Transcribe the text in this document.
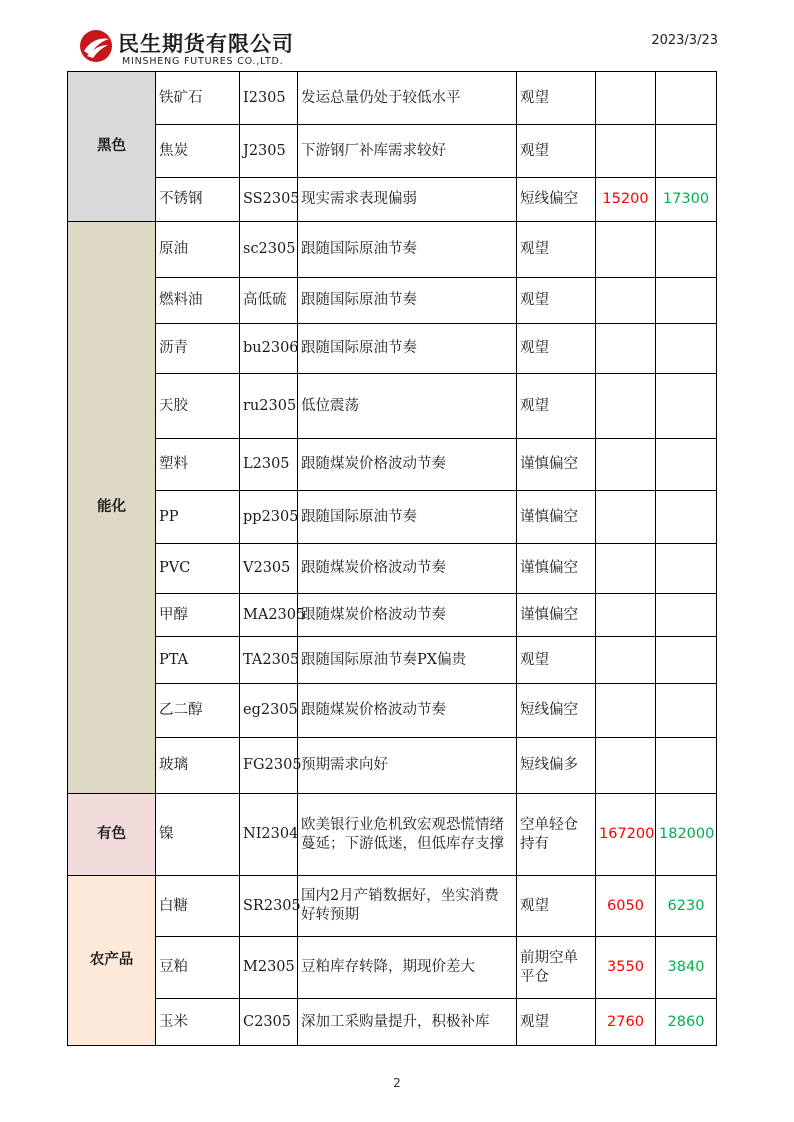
民生期货有限公司
MINSHENG FUTURES CO.,LTD.
2023/3/23
黑色	铁矿石	I2305	发运总量仍处于较低水平	观望		
	焦炭	J2305	下游钢厂补库需求较好	观望		
	不锈钢	SS2305	现实需求表现偏弱	短线偏空	15200	17300
能化	原油	sc2305	跟随国际原油节奏	观望		
	燃料油	高低硫	跟随国际原油节奏	观望		
	沥青	bu2306	跟随国际原油节奏	观望		
	天胶	ru2305	低位震荡	观望		
	塑料	L2305	跟随煤炭价格波动节奏	谨慎偏空		
	PP	pp2305	跟随国际原油节奏	谨慎偏空		
	PVC	V2305	跟随煤炭价格波动节奏	谨慎偏空		
	甲醇	MA2305	跟随煤炭价格波动节奏	谨慎偏空		
	PTA	TA2305	跟随国际原油节奏PX偏贵	观望		
	乙二醇	eg2305	跟随煤炭价格波动节奏	短线偏空		
	玻璃	FG2305	预期需求向好	短线偏多		
有色	镍	NI2304	欧美银行业危机致宏观恐慌情绪蔓延；下游低迷，但低库存支撑	空单轻仓持有	167200	182000
农产品	白糖	SR2305	国内2月产销数据好，坐实消费好转预期	观望	6050	6230
	豆粕	M2305	豆粕库存转降，期现价差大	前期空单平仓	3550	3840
	玉米	C2305	深加工采购量提升，积极补库	观望	2760	2860
2
